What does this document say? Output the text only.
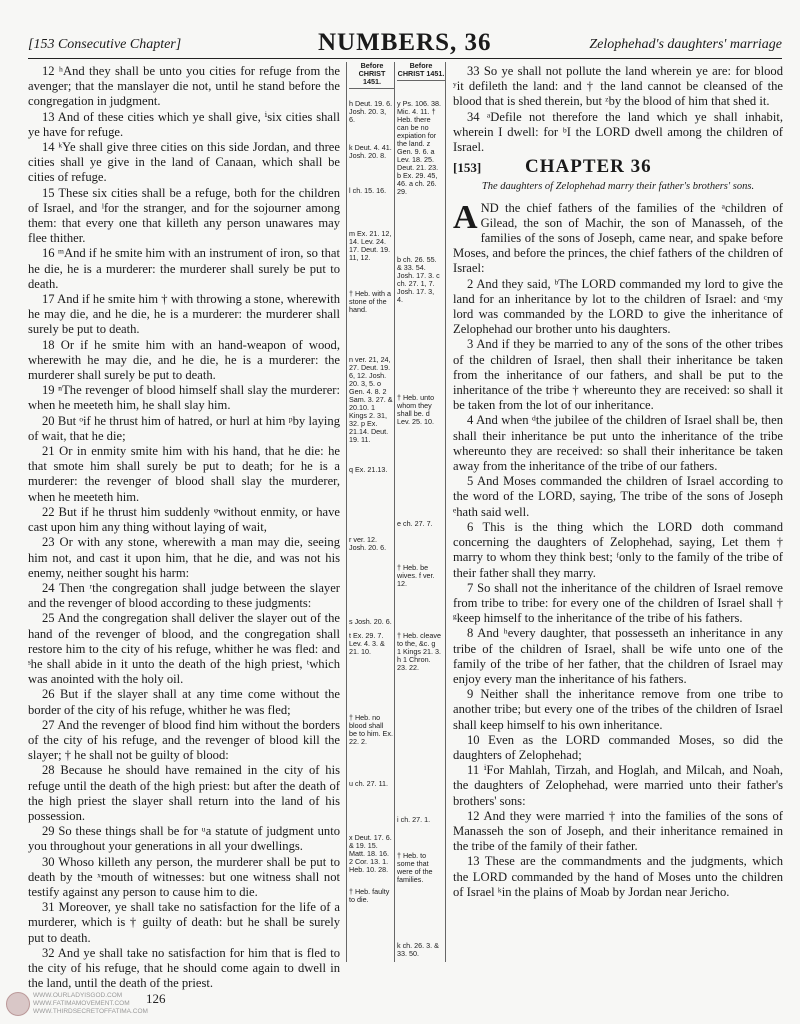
[153 Consecutive Chapter]	NUMBERS, 36	Zelophehad's daughters' marriage

12 ʰAnd they shall be unto you cities for refuge from the avenger; that the manslayer die not, until he stand before the congregation in judgment.

13 And of these cities which ye shall give, ⁱsix cities shall ye have for refuge.

14 ᵏYe shall give three cities on this side Jordan, and three cities shall ye give in the land of Canaan, which shall be cities of refuge.

15 These six cities shall be a refuge, both for the children of Israel, and ˡfor the stranger, and for the sojourner among them: that every one that killeth any person unawares may flee thither.

16 ᵐAnd if he smite him with an instrument of iron, so that he die, he is a murderer: the murderer shall surely be put to death.

17 And if he smite him † with throwing a stone, wherewith he may die, and he die, he is a murderer: the murderer shall surely be put to death.

18 Or if he smite him with an hand-weapon of wood, wherewith he may die, and he die, he is a murderer: the murderer shall surely be put to death.

19 ⁿThe revenger of blood himself shall slay the murderer: when he meeteth him, he shall slay him.

20 But ᵒif he thrust him of hatred, or hurl at him ᵖby laying of wait, that he die;

21 Or in enmity smite him with his hand, that he die: he that smote him shall surely be put to death; for he is a murderer: the revenger of blood shall slay the murderer, when he meeteth him.

22 But if he thrust him suddenly ᵠwithout enmity, or have cast upon him any thing without laying of wait,

23 Or with any stone, wherewith a man may die, seeing him not, and cast it upon him, that he die, and was not his enemy, neither sought his harm:

24 Then ʳthe congregation shall judge between the slayer and the revenger of blood according to these judgments:

25 And the congregation shall deliver the slayer out of the hand of the revenger of blood, and the congregation shall restore him to the city of his refuge, whither he was fled: and ˢhe shall abide in it unto the death of the high priest, ᵗwhich was anointed with the holy oil.

26 But if the slayer shall at any time come without the border of the city of his refuge, whither he was fled;

27 And the revenger of blood find him without the borders of the city of his refuge, and the revenger of blood kill the slayer; † he shall not be guilty of blood:

28 Because he should have remained in the city of his refuge until the death of the high priest: but after the death of the high priest the slayer shall return into the land of his possession.

29 So these things shall be for ᵘa statute of judgment unto you throughout your generations in all your dwellings.

30 Whoso killeth any person, the murderer shall be put to death by the ˣmouth of witnesses: but one witness shall not testify against any person to cause him to die.

31 Moreover, ye shall take no satisfaction for the life of a murderer, which is † guilty of death: but he shall be surely put to death.

32 And ye shall take no satisfaction for him that is fled to the city of his refuge, that he should come again to dwell in the land, until the death of the priest.

Before CHRIST 1451.
h Deut. 19. 6. Josh. 20. 3, 6.
k Deut. 4. 41. Josh. 20. 8.
l ch. 15. 16.
m Ex. 21. 12, 14. Lev. 24. 17. Deut. 19. 11, 12.
† Heb. with a stone of the hand.
n ver. 21, 24, 27. Deut. 19. 6, 12. Josh. 20. 3, 5. o Gen. 4. 8. 2 Sam. 3. 27. & 20.10. 1 Kings 2. 31, 32. p Ex. 21.14. Deut. 19. 11.
q Ex. 21.13.
r ver. 12. Josh. 20. 6.
s Josh. 20. 6.
t Ex. 29. 7. Lev. 4. 3. & 21. 10.
† Heb. no blood shall be to him. Ex. 22. 2.
u ch. 27. 11.
x Deut. 17. 6. & 19. 15. Matt. 18. 16. 2 Cor. 13. 1. Heb. 10. 28.
† Heb. faulty to die.
Before CHRIST 1451.
y Ps. 106. 38. Mic. 4. 11. † Heb. there can be no expiation for the land. z Gen. 9. 6. a Lev. 18. 25. Deut. 21. 23. b Ex. 29. 45, 46. a ch. 26. 29.
b ch. 26. 55. & 33. 54. Josh. 17. 3. c ch. 27. 1, 7. Josh. 17. 3, 4.
† Heb. unto whom they shall be. d Lev. 25. 10.
e ch. 27. 7.
† Heb. be wives. f ver. 12.
† Heb. cleave to the, &c. g 1 Kings 21. 3. h 1 Chron. 23. 22.
i ch. 27. 1.
† Heb. to some that were of the families.
k ch. 26. 3. & 33. 50.

33 So ye shall not pollute the land wherein ye are: for blood ʸit defileth the land: and † the land cannot be cleansed of the blood that is shed therein, but ᶻby the blood of him that shed it.

34 ᵃDefile not therefore the land which ye shall inhabit, wherein I dwell: for ᵇI the LORD dwell among the children of Israel.

[153]	CHAPTER 36
The daughters of Zelophehad marry their father's brothers' sons.

AND the chief fathers of the families of the ᵃchildren of Gilead, the son of Machir, the son of Manasseh, of the families of the sons of Joseph, came near, and spake before Moses, and before the princes, the chief fathers of the children of Israel:

2 And they said, ᵇThe LORD commanded my lord to give the land for an inheritance by lot to the children of Israel: and ᶜmy lord was commanded by the LORD to give the inheritance of Zelophehad our brother unto his daughters.

3 And if they be married to any of the sons of the other tribes of the children of Israel, then shall their inheritance be taken from the inheritance of our fathers, and shall be put to the inheritance of the tribe † whereunto they are received: so shall it be taken from the lot of our inheritance.

4 And when ᵈthe jubilee of the children of Israel shall be, then shall their inheritance be put unto the inheritance of the tribe whereunto they are received: so shall their inheritance be taken away from the inheritance of the tribe of our fathers.

5 And Moses commanded the children of Israel according to the word of the LORD, saying, The tribe of the sons of Joseph ᵉhath said well.

6 This is the thing which the LORD doth command concerning the daughters of Zelophehad, saying, Let them † marry to whom they think best; ᶠonly to the family of the tribe of their father shall they marry.

7 So shall not the inheritance of the children of Israel remove from tribe to tribe: for every one of the children of Israel shall † ᵍkeep himself to the inheritance of the tribe of his fathers.

8 And ʰevery daughter, that possesseth an inheritance in any tribe of the children of Israel, shall be wife unto one of the family of the tribe of her father, that the children of Israel may enjoy every man the inheritance of his fathers.

9 Neither shall the inheritance remove from one tribe to another tribe; but every one of the tribes of the children of Israel shall keep himself to his own inheritance.

10 Even as the LORD commanded Moses, so did the daughters of Zelophehad;

11 ⁱFor Mahlah, Tirzah, and Hoglah, and Milcah, and Noah, the daughters of Zelophehad, were married unto their father's brothers' sons:

12 And they were married † into the families of the sons of Manasseh the son of Joseph, and their inheritance remained in the tribe of the family of their father.

13 These are the commandments and the judgments, which the LORD commanded by the hand of Moses unto the children of Israel ᵏin the plains of Moab by Jordan near Jericho.

WWW.OURLADYISGOD.COM
WWW.FATIMAMOVEMENT.COM
WWW.THIRDSECRETOFFATIMA.COM
126
